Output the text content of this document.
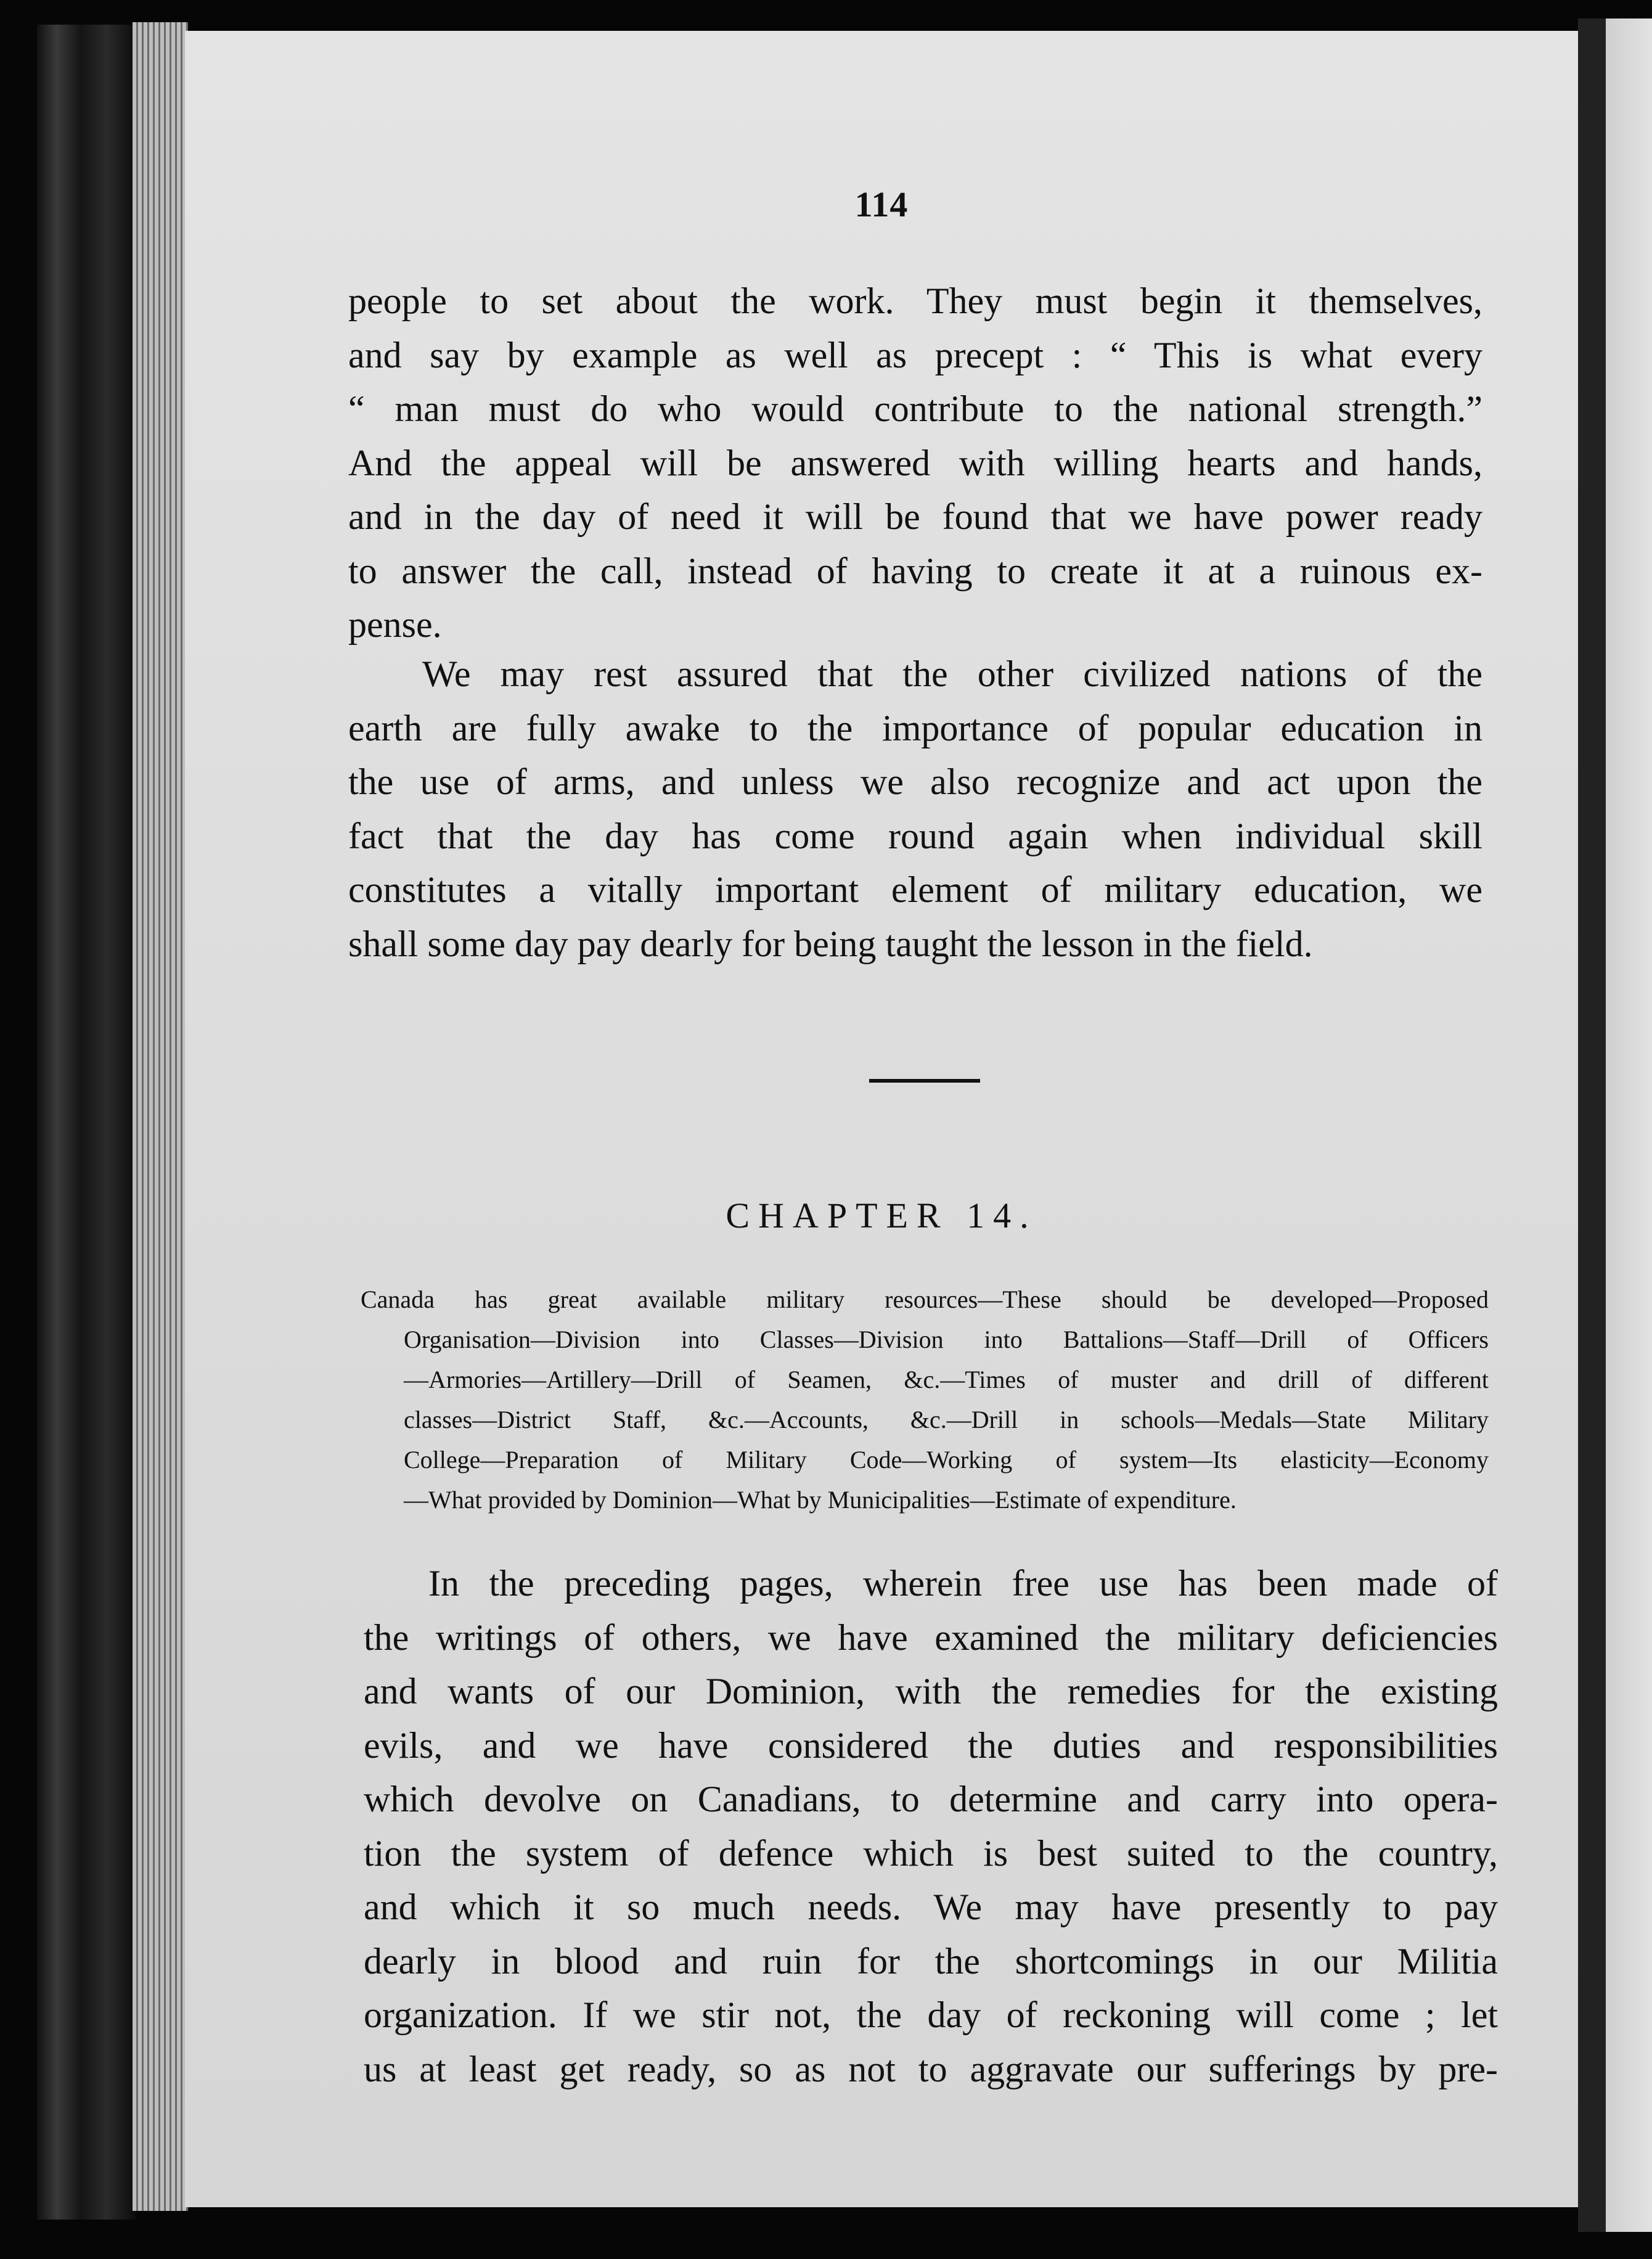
114
people to set about the work. They must begin it themselves,
and say by example as well as precept : “ This is what every
“ man must do who would contribute to the national strength.”
And the appeal will be answered with willing hearts and hands,
and in the day of need it will be found that we have power ready
to answer the call, instead of having to create it at a ruinous ex-
pense.
We may rest assured that the other civilized nations of the
earth are fully awake to the importance of popular education in
the use of arms, and unless we also recognize and act upon the
fact that the day has come round again when individual skill
constitutes a vitally important element of military education, we
shall some day pay dearly for being taught the lesson in the field.
CHAPTER 14.
Canada has great available military resources—These should be developed—Proposed
Organisation—Division into Classes—Division into Battalions—Staff—Drill of Officers
—Armories—Artillery—Drill of Seamen, &c.—Times of muster and drill of different
classes—District Staff, &c.—Accounts, &c.—Drill in schools—Medals—State Military
College—Preparation of Military Code—Working of system—Its elasticity—Economy
—What provided by Dominion—What by Municipalities—Estimate of expenditure.
In the preceding pages, wherein free use has been made of
the writings of others, we have examined the military deficiencies
and wants of our Dominion, with the remedies for the existing
evils, and we have considered the duties and responsibilities
which devolve on Canadians, to determine and carry into opera-
tion the system of defence which is best suited to the country,
and which it so much needs. We may have presently to pay
dearly in blood and ruin for the shortcomings in our Militia
organization. If we stir not, the day of reckoning will come ; let
us at least get ready, so as not to aggravate our sufferings by pre-
